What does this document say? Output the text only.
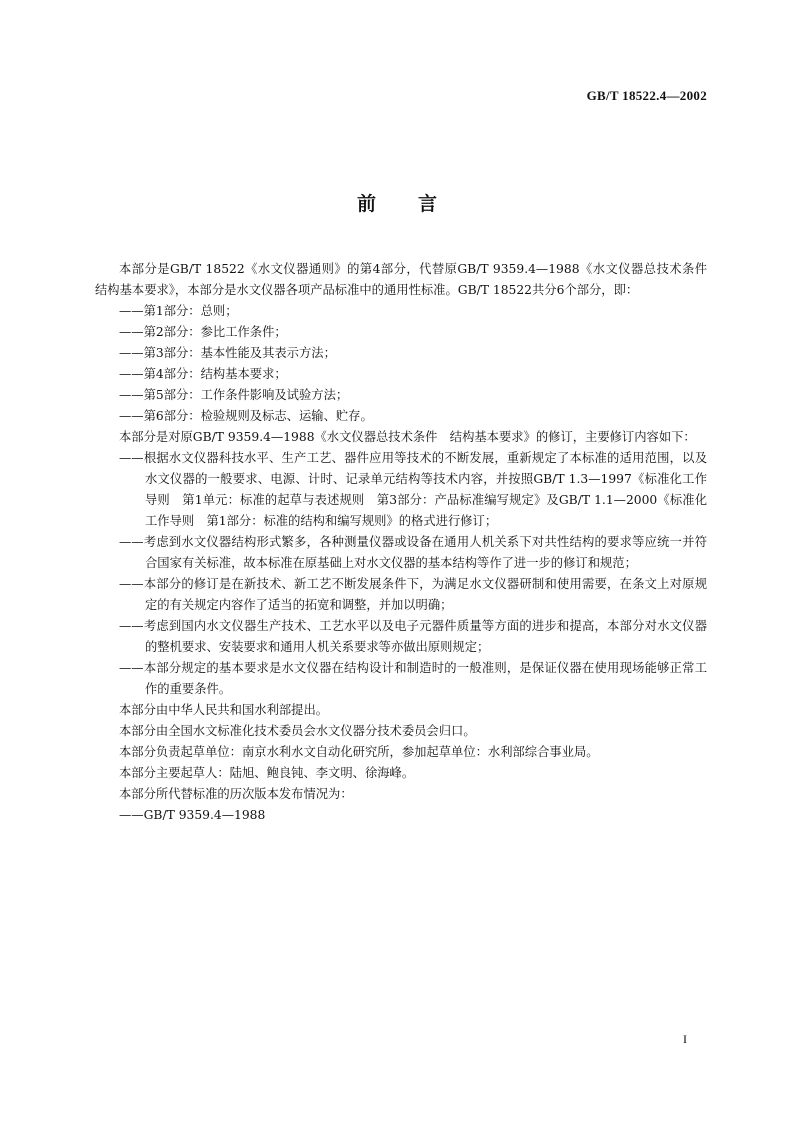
GB/T 18522.4—2002
前 言

本部分是GB/T 18522《水文仪器通则》的第4部分，代替原GB/T 9359.4—1988《水文仪器总技术条件　结构基本要求》，本部分是水文仪器各项产品标准中的通用性标准。GB/T 18522共分6个部分，即：

——第1部分：总则；

——第2部分：参比工作条件；

——第3部分：基本性能及其表示方法；

——第4部分：结构基本要求；

——第5部分：工作条件影响及试验方法；

——第6部分：检验规则及标志、运输、贮存。

本部分是对原GB/T 9359.4—1988《水文仪器总技术条件　结构基本要求》的修订，主要修订内容如下：

——根据水文仪器科技水平、生产工艺、器件应用等技术的不断发展，重新规定了本标准的适用范围，以及水文仪器的一般要求、电源、计时、记录单元结构等技术内容，并按照GB/T 1.3—1997《标准化工作导则　第1单元：标准的起草与表述规则　第3部分：产品标准编写规定》及GB/T 1.1—2000《标准化工作导则　第1部分：标准的结构和编写规则》的格式进行修订；

——考虑到水文仪器结构形式繁多，各种测量仪器或设备在通用人机关系下对共性结构的要求等应统一并符合国家有关标准，故本标准在原基础上对水文仪器的基本结构等作了进一步的修订和规范；

——本部分的修订是在新技术、新工艺不断发展条件下，为满足水文仪器研制和使用需要，在条文上对原规定的有关规定内容作了适当的拓宽和调整，并加以明确；

——考虑到国内水文仪器生产技术、工艺水平以及电子元器件质量等方面的进步和提高，本部分对水文仪器的整机要求、安装要求和通用人机关系要求等亦做出原则规定；

——本部分规定的基本要求是水文仪器在结构设计和制造时的一般准则，是保证仪器在使用现场能够正常工作的重要条件。

本部分由中华人民共和国水利部提出。

本部分由全国水文标准化技术委员会水文仪器分技术委员会归口。

本部分负责起草单位：南京水利水文自动化研究所，参加起草单位：水利部综合事业局。

本部分主要起草人：陆旭、鲍良钝、李文明、徐海峰。

本部分所代替标准的历次版本发布情况为：

——GB/T 9359.4—1988

I
